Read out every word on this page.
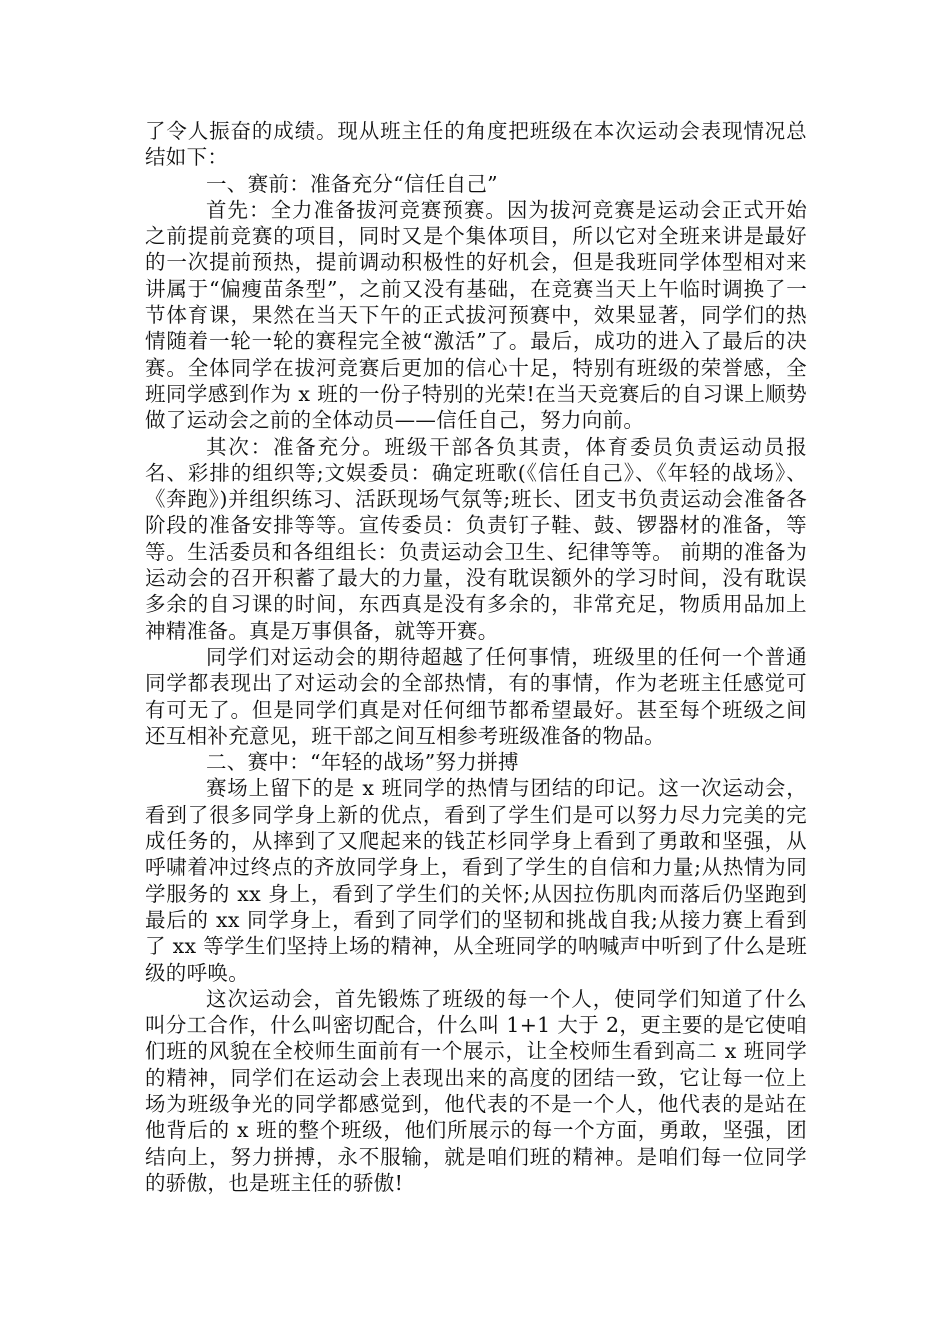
了令人振奋的成绩。现从班主任的角度把班级在本次运动会表现情况总结如下：

一、赛前：准备充分“信任自己”

首先：全力准备拔河竞赛预赛。因为拔河竞赛是运动会正式开始之前提前竞赛的项目，同时又是个集体项目，所以它对全班来讲是最好的一次提前预热，提前调动积极性的好机会，但是我班同学体型相对来讲属于“偏瘦苗条型”，之前又没有基础，在竞赛当天上午临时调换了一节体育课，果然在当天下午的正式拔河预赛中，效果显著，同学们的热情随着一轮一轮的赛程完全被“激活”了。最后，成功的进入了最后的决赛。全体同学在拔河竞赛后更加的信心十足，特别有班级的荣誉感，全班同学感到作为 x 班的一份子特别的光荣!在当天竞赛后的自习课上顺势做了运动会之前的全体动员——信任自己，努力向前。

其次：准备充分。班级干部各负其责，体育委员负责运动员报名、彩排的组织等;文娱委员：确定班歌(《信任自己》、《年轻的战场》、《奔跑》)并组织练习、活跃现场气氛等;班长、团支书负责运动会准备各阶段的准备安排等等。宣传委员：负责钉子鞋、鼓、锣器材的准备，等等。生活委员和各组组长：负责运动会卫生、纪律等等。 前期的准备为运动会的召开积蓄了最大的力量，没有耽误额外的学习时间，没有耽误多余的自习课的时间，东西真是没有多余的，非常充足，物质用品加上神精准备。真是万事俱备，就等开赛。

同学们对运动会的期待超越了任何事情，班级里的任何一个普通同学都表现出了对运动会的全部热情，有的事情，作为老班主任感觉可有可无了。但是同学们真是对任何细节都希望最好。甚至每个班级之间还互相补充意见，班干部之间互相参考班级准备的物品。

二、赛中：“年轻的战场”努力拼搏

赛场上留下的是 x 班同学的热情与团结的印记。这一次运动会，看到了很多同学身上新的优点，看到了学生们是可以努力尽力完美的完成任务的，从摔到了又爬起来的钱芷杉同学身上看到了勇敢和坚强，从呼啸着冲过终点的齐放同学身上，看到了学生的自信和力量;从热情为同学服务的 xx 身上，看到了学生们的关怀;从因拉伤肌肉而落后仍坚跑到最后的 xx 同学身上，看到了同学们的坚韧和挑战自我;从接力赛上看到了 xx 等学生们坚持上场的精神，从全班同学的呐喊声中听到了什么是班级的呼唤。

这次运动会，首先锻炼了班级的每一个人，使同学们知道了什么叫分工合作，什么叫密切配合，什么叫 1+1 大于 2，更主要的是它使咱们班的风貌在全校师生面前有一个展示，让全校师生看到高二 x 班同学的精神，同学们在运动会上表现出来的高度的团结一致，它让每一位上场为班级争光的同学都感觉到，他代表的不是一个人，他代表的是站在他背后的 x 班的整个班级，他们所展示的每一个方面，勇敢，坚强，团结向上，努力拼搏，永不服输，就是咱们班的精神。是咱们每一位同学的骄傲，也是班主任的骄傲!
